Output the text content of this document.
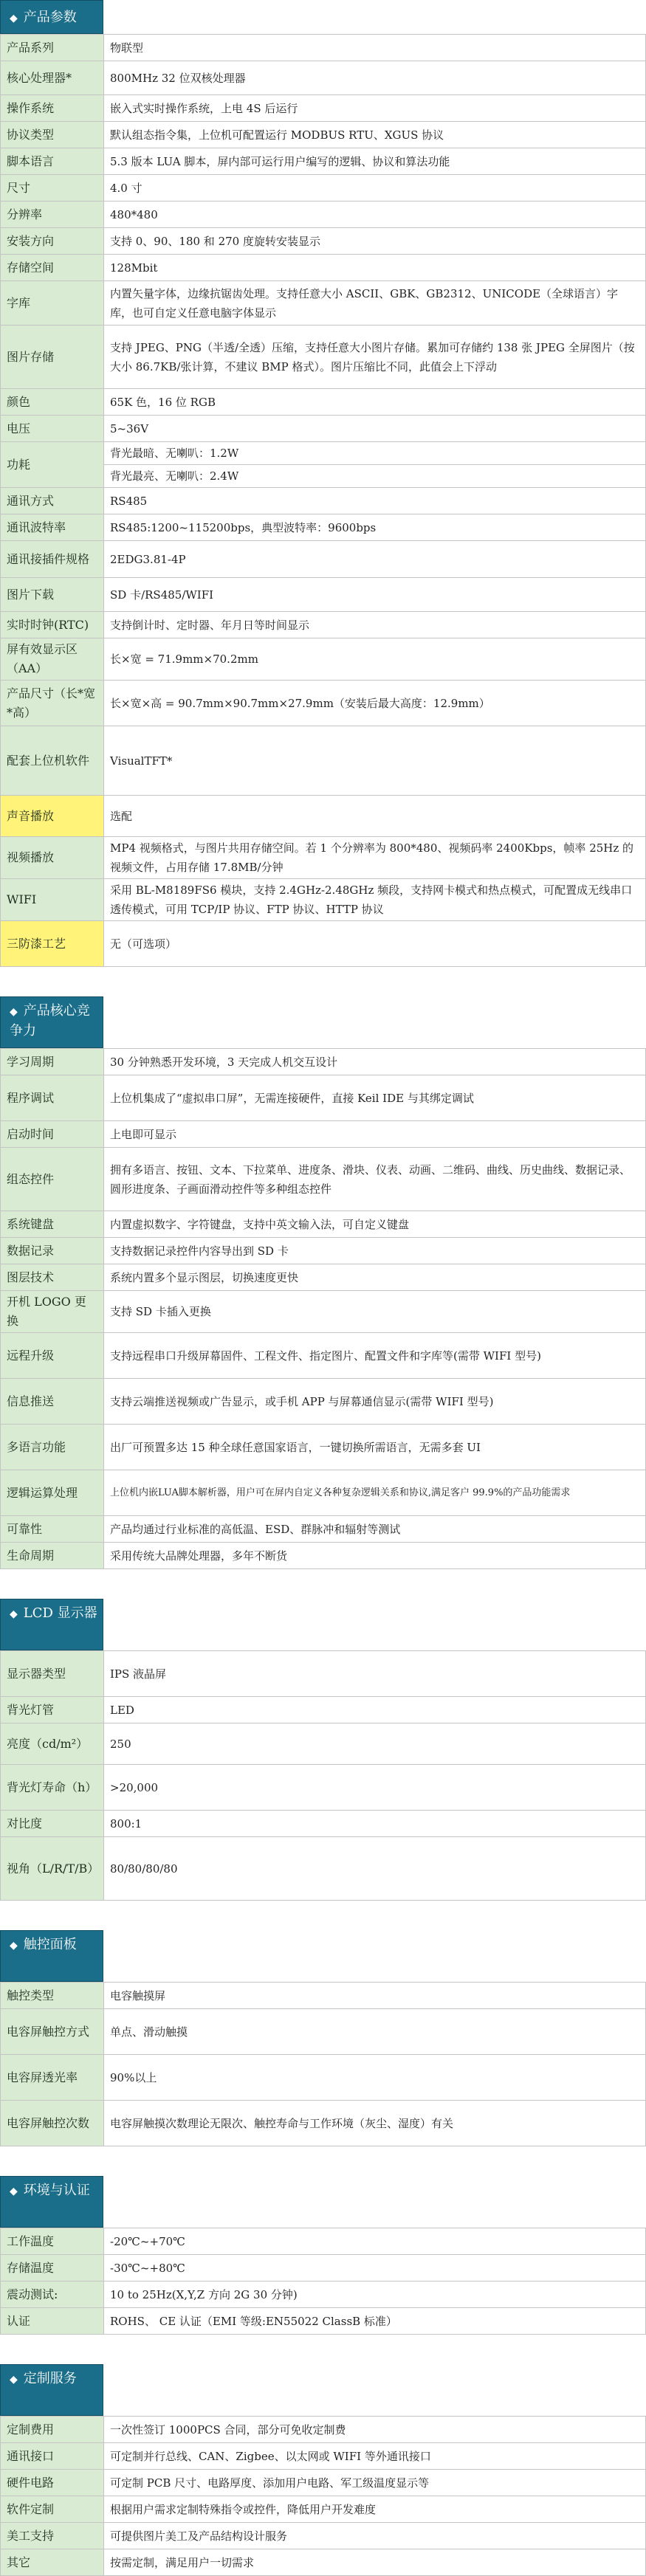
◆ 产品参数
产品系列	物联型
核心处理器*	800MHz 32 位双核处理器
操作系统	嵌入式实时操作系统，上电 4S 后运行
协议类型	默认组态指令集，上位机可配置运行 MODBUS RTU、XGUS 协议
脚本语言	5.3 版本 LUA 脚本，屏内部可运行用户编写的逻辑、协议和算法功能
尺寸	4.0 寸
分辨率	480*480
安装方向	支持 0、90、180 和 270 度旋转安装显示
存储空间	128Mbit
字库	内置矢量字体，边缘抗锯齿处理。支持任意大小 ASCII、GBK、GB2312、UNICODE（全球语言）字库，也可自定义任意电脑字体显示
图片存储	支持 JPEG、PNG（半透/全透）压缩，支持任意大小图片存储。累加可存储约 138 张 JPEG 全屏图片（按大小 86.7KB/张计算，不建议 BMP 格式）。图片压缩比不同，此值会上下浮动
颜色	65K 色，16 位 RGB
电压	5~36V
功耗	背光最暗、无喇叭：1.2W
	背光最亮、无喇叭：2.4W
通讯方式	RS485
通讯波特率	RS485:1200~115200bps，典型波特率：9600bps
通讯接插件规格	2EDG3.81-4P
图片下载	SD 卡/RS485/WIFI
实时时钟(RTC)	支持倒计时、定时器、年月日等时间显示
屏有效显示区（AA）	长×宽 = 71.9mm×70.2mm
产品尺寸（长*宽*高）	长×宽×高 = 90.7mm×90.7mm×27.9mm（安装后最大高度：12.9mm）
配套上位机软件	VisualTFT*
声音播放	选配
视频播放	MP4 视频格式，与图片共用存储空间。若 1 个分辨率为 800*480、视频码率 2400Kbps，帧率 25Hz 的视频文件，占用存储 17.8MB/分钟
WIFI	采用 BL-M8189FS6 模块，支持 2.4GHz-2.48GHz 频段，支持网卡模式和热点模式，可配置成无线串口透传模式，可用 TCP/IP 协议、FTP 协议、HTTP 协议
三防漆工艺	无（可选项）
◆ 产品核心竞争力
学习周期	30 分钟熟悉开发环境，3 天完成人机交互设计
程序调试	上位机集成了“虚拟串口屏”，无需连接硬件，直接 Keil IDE 与其绑定调试
启动时间	上电即可显示
组态控件	拥有多语言、按钮、文本、下拉菜单、进度条、滑块、仪表、动画、二维码、曲线、历史曲线、数据记录、圆形进度条、子画面滑动控件等多种组态控件
系统键盘	内置虚拟数字、字符键盘，支持中英文输入法，可自定义键盘
数据记录	支持数据记录控件内容导出到 SD 卡
图层技术	系统内置多个显示图层，切换速度更快
开机 LOGO 更换	支持 SD 卡插入更换
远程升级	支持远程串口升级屏幕固件、工程文件、指定图片、配置文件和字库等(需带 WIFI 型号)
信息推送	支持云端推送视频或广告显示，或手机 APP 与屏幕通信显示(需带 WIFI 型号)
多语言功能	出厂可预置多达 15 种全球任意国家语言，一键切换所需语言，无需多套 UI
逻辑运算处理	上位机内嵌LUA脚本解析器，用户可在屏内自定义各种复杂逻辑关系和协议,满足客户 99.9%的产品功能需求
可靠性	产品均通过行业标准的高低温、ESD、群脉冲和辐射等测试
生命周期	采用传统大品牌处理器，多年不断货
◆ LCD 显示器
显示器类型	IPS 液晶屏
背光灯管	LED
亮度（cd/m²）	250
背光灯寿命（h）	>20,000
对比度	800:1
视角（L/R/T/B）	80/80/80/80
◆ 触控面板
触控类型	电容触摸屏
电容屏触控方式	单点、滑动触摸
电容屏透光率	90%以上
电容屏触控次数	电容屏触摸次数理论无限次、触控寿命与工作环境（灰尘、湿度）有关
◆ 环境与认证
工作温度	-20℃~+70℃
存储温度	-30℃~+80℃
震动测试:	10 to 25Hz(X,Y,Z 方向 2G 30 分钟)
认证	ROHS、 CE 认证（EMI 等级:EN55022 ClassB 标准）
◆ 定制服务
定制费用	一次性签订 1000PCS 合同，部分可免收定制费
通讯接口	可定制并行总线、CAN、Zigbee、以太网或 WIFI 等外通讯接口
硬件电路	可定制 PCB 尺寸、电路厚度、添加用户电路、军工级温度显示等
软件定制	根据用户需求定制特殊指令或控件，降低用户开发难度
美工支持	可提供图片美工及产品结构设计服务
其它	按需定制，满足用户一切需求
